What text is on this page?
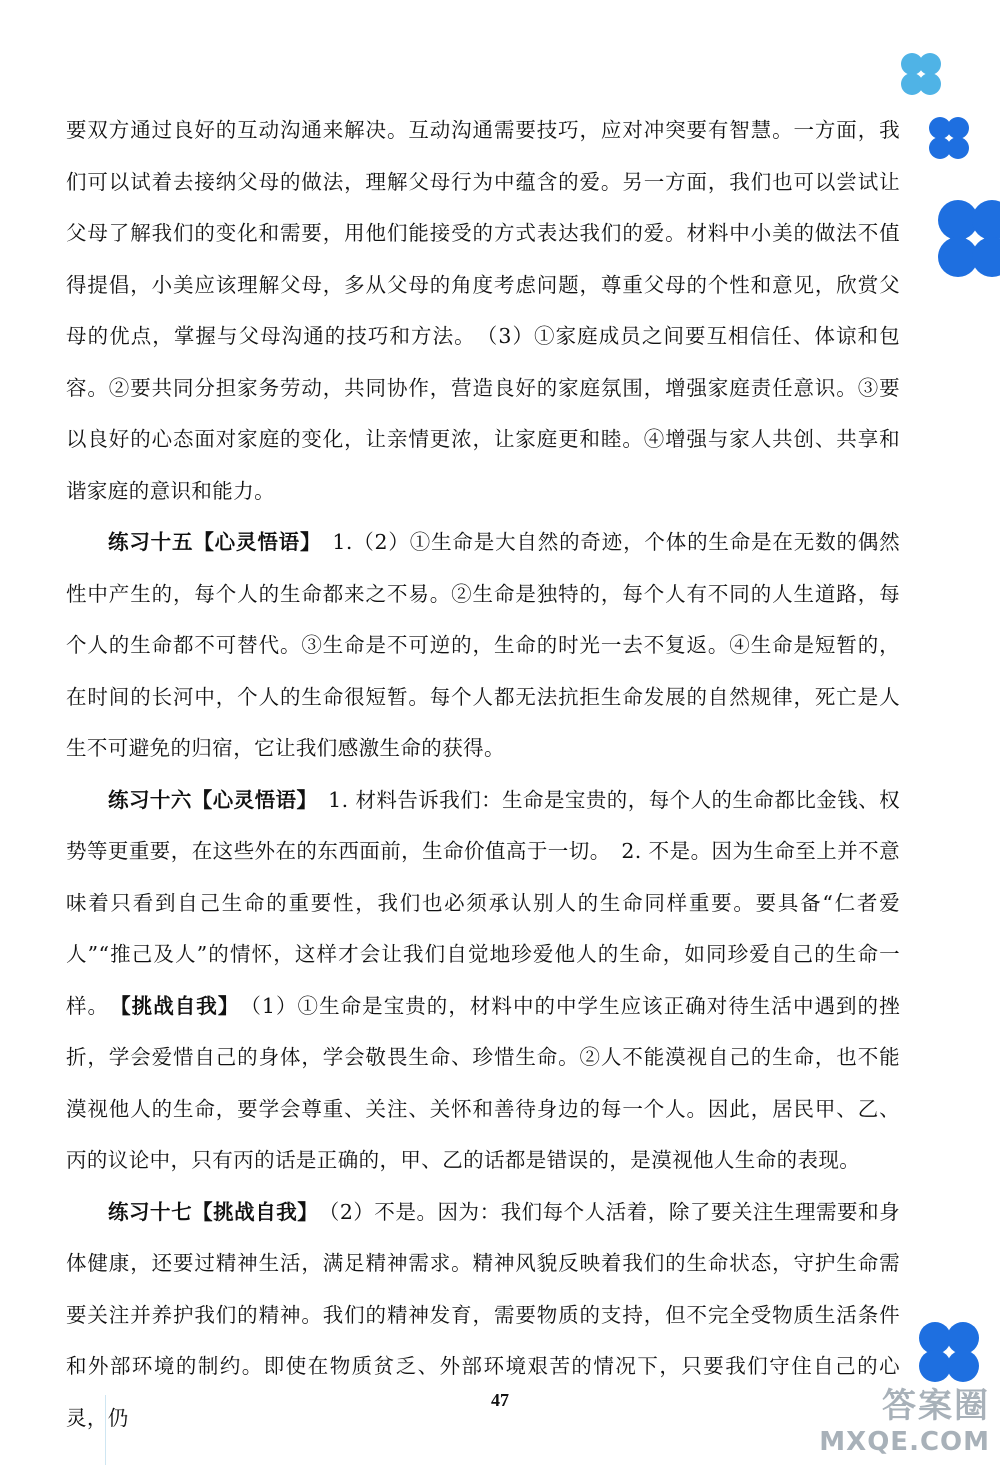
要双方通过良好的互动沟通来解决。互动沟通需要技巧，应对冲突要有智慧。一方面，我们可以试着去接纳父母的做法，理解父母行为中蕴含的爱。另一方面，我们也可以尝试让父母了解我们的变化和需要，用他们能接受的方式表达我们的爱。材料中小美的做法不值得提倡，小美应该理解父母，多从父母的角度考虑问题，尊重父母的个性和意见，欣赏父母的优点，掌握与父母沟通的技巧和方法。　（3）①家庭成员之间要互相信任、体谅和包容。②要共同分担家务劳动，共同协作，营造良好的家庭氛围，增强家庭责任意识。③要以良好的心态面对家庭的变化，让亲情更浓，让家庭更和睦。④增强与家人共创、共享和谐家庭的意识和能力。

练习十五【心灵悟语】　1.（2）①生命是大自然的奇迹，个体的生命是在无数的偶然性中产生的，每个人的生命都来之不易。②生命是独特的，每个人有不同的人生道路，每个人的生命都不可替代。③生命是不可逆的，生命的时光一去不复返。④生命是短暂的，在时间的长河中，个人的生命很短暂。每个人都无法抗拒生命发展的自然规律，死亡是人生不可避免的归宿，它让我们感激生命的获得。

练习十六【心灵悟语】　1. 材料告诉我们：生命是宝贵的，每个人的生命都比金钱、权势等更重要，在这些外在的东西面前，生命价值高于一切。　2. 不是。因为生命至上并不意味着只看到自己生命的重要性，我们也必须承认别人的生命同样重要。要具备“仁者爱人”“推己及人”的情怀，这样才会让我们自觉地珍爱他人的生命，如同珍爱自己的生命一样。　【挑战自我】　（1）①生命是宝贵的，材料中的中学生应该正确对待生活中遇到的挫折，学会爱惜自己的身体，学会敬畏生命、珍惜生命。②人不能漠视自己的生命，也不能漠视他人的生命，要学会尊重、关注、关怀和善待身边的每一个人。因此，居民甲、乙、丙的议论中，只有丙的话是正确的，甲、乙的话都是错误的，是漠视他人生命的表现。

练习十七【挑战自我】　（2）不是。因为：我们每个人活着，除了要关注生理需要和身体健康，还要过精神生活，满足精神需求。精神风貌反映着我们的生命状态，守护生命需要关注并养护我们的精神。我们的精神发育，需要物质的支持，但不完全受物质生活条件和外部环境的制约。即使在物质贫乏、外部环境艰苦的情况下，只要我们守住自己的心灵，仍

47	答案圈
MXQE.COM
